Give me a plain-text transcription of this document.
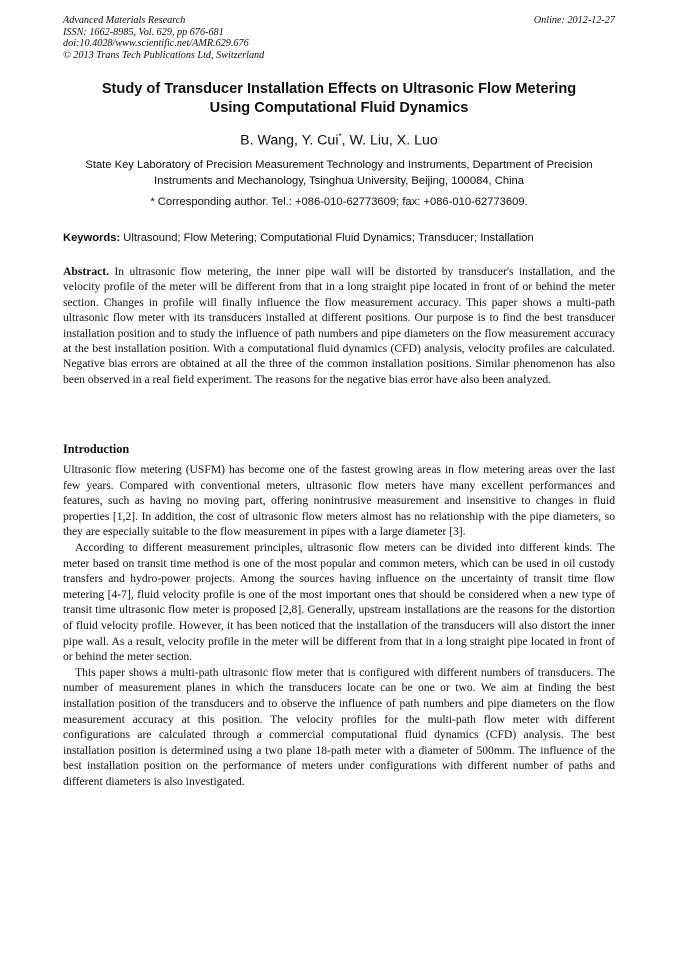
Advanced Materials Research
ISSN: 1662-8985, Vol. 629, pp 676-681
doi:10.4028/www.scientific.net/AMR.629.676
© 2013 Trans Tech Publications Ltd, Switzerland
Online: 2012-12-27
Study of Transducer Installation Effects on Ultrasonic Flow Metering
Using Computational Fluid Dynamics
B. Wang, Y. Cui*, W. Liu, X. Luo
State Key Laboratory of Precision Measurement Technology and Instruments, Department of Precision Instruments and Mechanology, Tsinghua University, Beijing, 100084, China
* Corresponding author. Tel.: +086-010-62773609; fax: +086-010-62773609.
Keywords: Ultrasound; Flow Metering; Computational Fluid Dynamics; Transducer; Installation
Abstract. In ultrasonic flow metering, the inner pipe wall will be distorted by transducer's installation, and the velocity profile of the meter will be different from that in a long straight pipe located in front of or behind the meter section. Changes in profile will finally influence the flow measurement accuracy. This paper shows a multi-path ultrasonic flow meter with its transducers installed at different positions. Our purpose is to find the best transducer installation position and to study the influence of path numbers and pipe diameters on the flow measurement accuracy at the best installation position. With a computational fluid dynamics (CFD) analysis, velocity profiles are calculated. Negative bias errors are obtained at all the three of the common installation positions. Similar phenomenon has also been observed in a real field experiment. The reasons for the negative bias error have also been analyzed.
Introduction

Ultrasonic flow metering (USFM) has become one of the fastest growing areas in flow metering areas over the last few years. Compared with conventional meters, ultrasonic flow meters have many excellent performances and features, such as having no moving part, offering nonintrusive measurement and insensitive to changes in fluid properties [1,2]. In addition, the cost of ultrasonic flow meters almost has no relationship with the pipe diameters, so they are especially suitable to the flow measurement in pipes with a large diameter [3].

According to different measurement principles, ultrasonic flow meters can be divided into different kinds. The meter based on transit time method is one of the most popular and common meters, which can be used in oil custody transfers and hydro-power projects. Among the sources having influence on the uncertainty of transit time flow metering [4-7], fluid velocity profile is one of the most important ones that should be considered when a new type of transit time ultrasonic flow meter is proposed [2,8]. Generally, upstream installations are the reasons for the distortion of fluid velocity profile. However, it has been noticed that the installation of the transducers will also distort the inner pipe wall. As a result, velocity profile in the meter will be different from that in a long straight pipe located in front of or behind the meter section.

This paper shows a multi-path ultrasonic flow meter that is configured with different numbers of transducers. The number of measurement planes in which the transducers locate can be one or two. We aim at finding the best installation position of the transducers and to observe the influence of path numbers and pipe diameters on the flow measurement accuracy at this position. The velocity profiles for the multi-path flow meter with different configurations are calculated through a commercial computational fluid dynamics (CFD) analysis. The best installation position is determined using a two plane 18-path meter with a diameter of 500mm. The influence of the best installation position on the performance of meters under configurations with different number of paths and different diameters is also investigated.
